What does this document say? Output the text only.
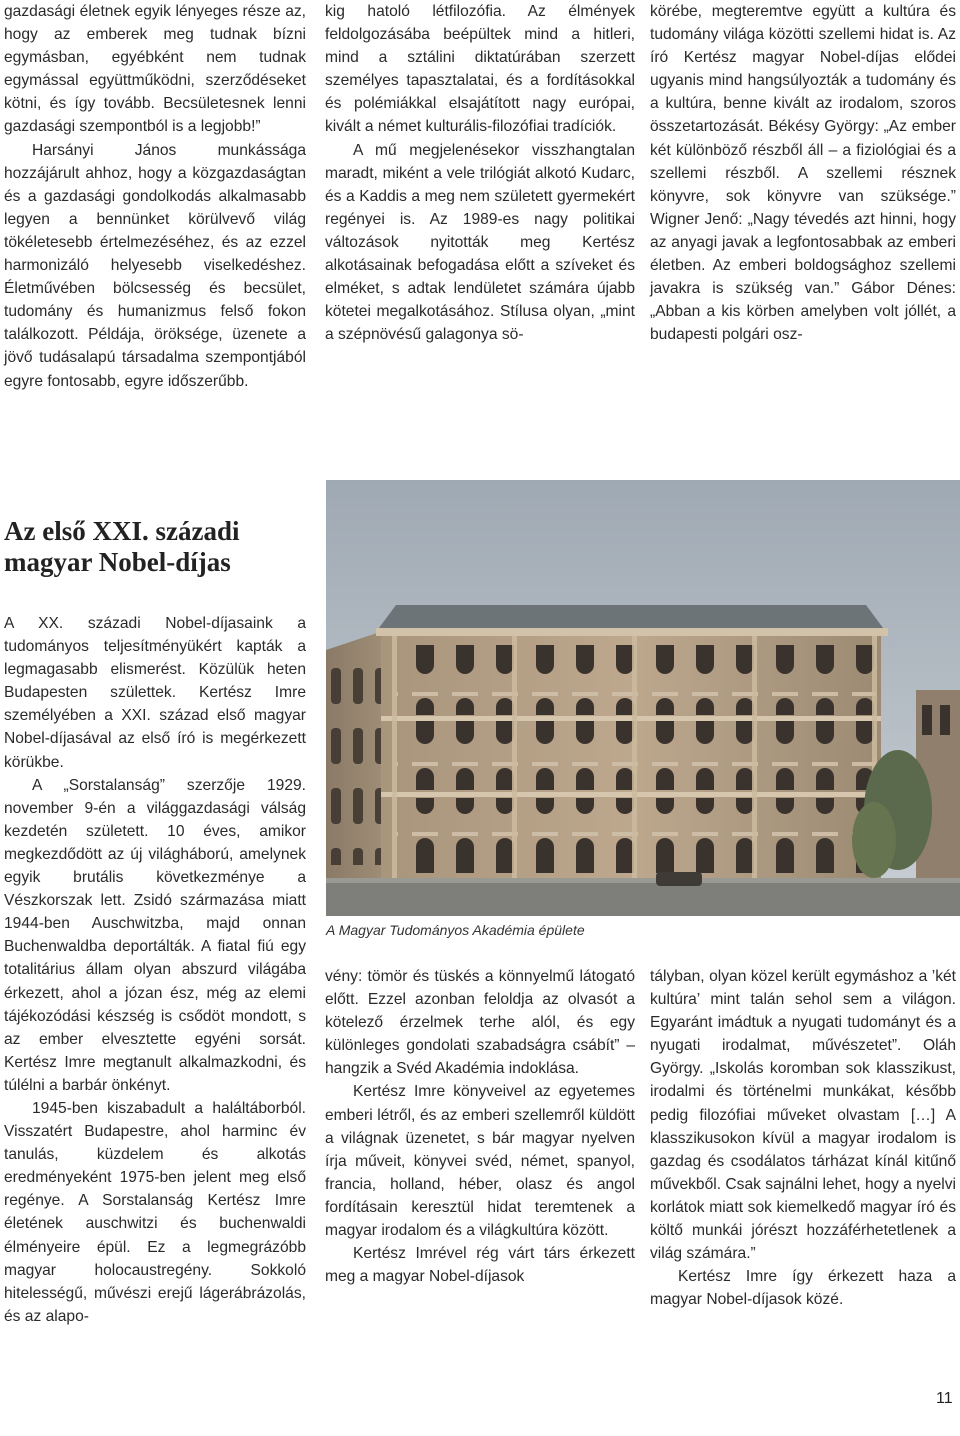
gazdasági életnek egyik lényeges része az, hogy az emberek meg tudnak bízni egymásban, egyébként nem tudnak egymással együttműködni, szerződéseket kötni, és így tovább. Becsületesnek lenni gazdasági szempontból is a legjobb!”

Harsányi János munkássága hozzájárult ahhoz, hogy a közgazdaságtan és a gazdasági gondolkodás alkalmasabb legyen a bennünket körülvevő világ tökéletesebb értelmezéséhez, és az ezzel harmonizáló helyesebb viselkedéshez. Életművében bölcsesség és becsület, tudomány és humanizmus felső fokon találkozott. Példája, öröksége, üzenete a jövő tudásalapú társadalma szempontjából egyre fontosabb, egyre időszerűbb.

kig hatoló létfilozófia. Az élmények feldolgozásába beépültek mind a hitleri, mind a sztálini diktatúrában szerzett személyes tapasztalatai, és a fordításokkal és polémiákkal elsajátított nagy európai, kivált a német kulturális-filozófiai tradíciók.

A mű megjelenésekor visszhangtalan maradt, miként a vele trilógiát alkotó Kudarc, és a Kaddis a meg nem született gyermekért regényei is. Az 1989-es nagy politikai változások nyitották meg Kertész alkotásainak befogadása előtt a szíveket és elméket, s adtak lendületet számára újabb kötetei megalkotásához. Stílusa olyan, „mint a szépnövésű galagonya sö-

körébe, megteremtve együtt a kultúra és tudomány világa közötti szellemi hidat is. Az író Kertész magyar Nobel-díjas elődei ugyanis mind hangsúlyozták a tudomány és a kultúra, benne kivált az irodalom, szoros összetartozását. Békésy György: „Az ember két különböző részből áll – a fiziológiai és a szellemi részből. A szellemi résznek könyvre, sok könyvre van szüksége.” Wigner Jenő: „Nagy tévedés azt hinni, hogy az anyagi javak a legfontosabbak az emberi életben. Az emberi boldogsághoz szellemi javakra is szükség van.” Gábor Dénes: „Abban a kis körben amelyben volt jóllét, a budapesti polgári osz-

Az első XXI. századi magyar Nobel-díjas

A XX. századi Nobel-díjasaink a tudományos teljesítményükért kapták a legmagasabb elismerést. Közülük heten Budapesten születtek. Kertész Imre személyében a XXI. század első magyar Nobel-díjasával az első író is megérkezett körükbe.

A „Sorstalanság” szerzője 1929. november 9-én a világgazdasági válság kezdetén született. 10 éves, amikor megkezdődött az új világháború, amelynek egyik brutális következménye a Vészkorszak lett. Zsidó származása miatt 1944-ben Auschwitzba, majd onnan Buchenwaldba deportálták. A fiatal fiú egy totalitárius állam olyan abszurd világába érkezett, ahol a józan ész, még az elemi tájékozódási készség is csődöt mondott, s az ember elvesztette egyéni sorsát. Kertész Imre megtanult alkalmazkodni, és túlélni a barbár önkényt.

1945-ben kiszabadult a haláltáborból. Visszatért Budapestre, ahol harminc év tanulás, küzdelem és alkotás eredményeként 1975-ben jelent meg első regénye. A Sorstalanság Kertész Imre életének auschwitzi és buchenwaldi élményeire épül. Ez a legmegrázóbb magyar holocaustregény. Sokkoló hitelességű, művészi erejű lágerábrázolás, és az alapo-

A Magyar Tudományos Akadémia épülete

vény: tömör és tüskés a könnyelmű látogató előtt. Ezzel azonban feloldja az olvasót a kötelező érzelmek terhe alól, és egy különleges gondolati szabadságra csábít” – hangzik a Svéd Akadémia indoklása.

Kertész Imre könyveivel az egyetemes emberi létről, és az emberi szellemről küldött a világnak üzenetet, s bár magyar nyelven írja műveit, könyvei svéd, német, spanyol, francia, holland, héber, olasz és angol fordításain keresztül hidat teremtenek a magyar irodalom és a világkultúra között.

Kertész Imrével rég várt társ érkezett meg a magyar Nobel-díjasok

tályban, olyan közel került egymáshoz a ’két kultúra’ mint talán sehol sem a világon. Egyaránt imádtuk a nyugati tudományt és a nyugati irodalmat, művészetet”. Oláh György. „Iskolás koromban sok klasszikust, irodalmi és történelmi munkákat, később pedig filozófiai műveket olvastam […] A klasszikusokon kívül a magyar irodalom is gazdag és csodálatos tárházat kínál kitűnő művekből. Csak sajnálni lehet, hogy a nyelvi korlátok miatt sok kiemelkedő magyar író és költő munkái jórészt hozzáférhetetlenek a világ számára.”

Kertész Imre így érkezett haza a magyar Nobel-díjasok közé.

11
